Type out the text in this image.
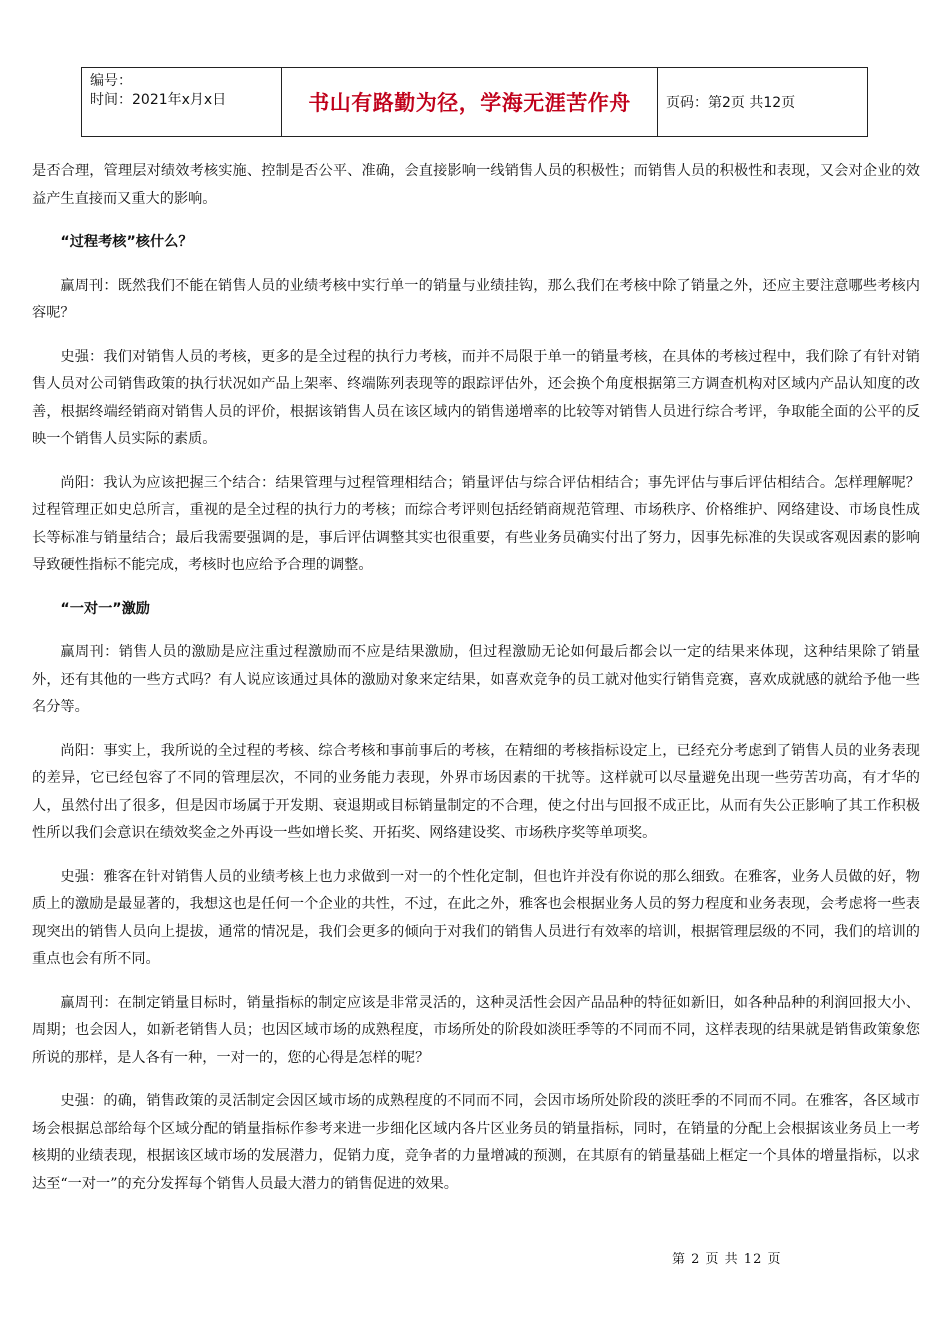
编号：
时间：2021年x月x日	书山有路勤为径，学海无涯苦作舟	页码：第2页 共12页

是否合理，管理层对绩效考核实施、控制是否公平、准确，会直接影响一线销售人员的积极性；而销售人员的积极性和表现，又会对企业的效益产生直接而又重大的影响。

“过程考核”核什么？

赢周刊：既然我们不能在销售人员的业绩考核中实行单一的销量与业绩挂钩，那么我们在考核中除了销量之外，还应主要注意哪些考核内容呢？

史强：我们对销售人员的考核，更多的是全过程的执行力考核，而并不局限于单一的销量考核，在具体的考核过程中，我们除了有针对销售人员对公司销售政策的执行状况如产品上架率、终端陈列表现等的跟踪评估外，还会换个角度根据第三方调查机构对区域内产品认知度的改善，根据终端经销商对销售人员的评价，根据该销售人员在该区域内的销售递增率的比较等对销售人员进行综合考评，争取能全面的公平的反映一个销售人员实际的素质。

尚阳：我认为应该把握三个结合：结果管理与过程管理相结合；销量评估与综合评估相结合；事先评估与事后评估相结合。怎样理解呢？过程管理正如史总所言，重视的是全过程的执行力的考核；而综合考评则包括经销商规范管理、市场秩序、价格维护、网络建设、市场良性成长等标准与销量结合；最后我需要强调的是，事后评估调整其实也很重要，有些业务员确实付出了努力，因事先标准的失误或客观因素的影响导致硬性指标不能完成，考核时也应给予合理的调整。

“一对一”激励

赢周刊：销售人员的激励是应注重过程激励而不应是结果激励，但过程激励无论如何最后都会以一定的结果来体现，这种结果除了销量外，还有其他的一些方式吗？有人说应该通过具体的激励对象来定结果，如喜欢竞争的员工就对他实行销售竞赛，喜欢成就感的就给予他一些名分等。

尚阳：事实上，我所说的全过程的考核、综合考核和事前事后的考核，在精细的考核指标设定上，已经充分考虑到了销售人员的业务表现的差异，它已经包容了不同的管理层次，不同的业务能力表现，外界市场因素的干扰等。这样就可以尽量避免出现一些劳苦功高，有才华的人，虽然付出了很多，但是因市场属于开发期、衰退期或目标销量制定的不合理，使之付出与回报不成正比，从而有失公正影响了其工作积极性所以我们会意识在绩效奖金之外再设一些如增长奖、开拓奖、网络建设奖、市场秩序奖等单项奖。

史强：雅客在针对销售人员的业绩考核上也力求做到一对一的个性化定制，但也许并没有你说的那么细致。在雅客，业务人员做的好，物质上的激励是最显著的，我想这也是任何一个企业的共性，不过，在此之外，雅客也会根据业务人员的努力程度和业务表现，会考虑将一些表现突出的销售人员向上提拔，通常的情况是，我们会更多的倾向于对我们的销售人员进行有效率的培训，根据管理层级的不同，我们的培训的重点也会有所不同。

赢周刊：在制定销量目标时，销量指标的制定应该是非常灵活的，这种灵活性会因产品品种的特征如新旧，如各种品种的利润回报大小、周期；也会因人，如新老销售人员；也因区域市场的成熟程度，市场所处的阶段如淡旺季等的不同而不同，这样表现的结果就是销售政策象您所说的那样，是人各有一种，一对一的，您的心得是怎样的呢？

史强：的确，销售政策的灵活制定会因区域市场的成熟程度的不同而不同，会因市场所处阶段的淡旺季的不同而不同。在雅客，各区域市场会根据总部给每个区域分配的销量指标作参考来进一步细化区域内各片区业务员的销量指标，同时，在销量的分配上会根据该业务员上一考核期的业绩表现，根据该区域市场的发展潜力，促销力度，竞争者的力量增减的预测，在其原有的销量基础上框定一个具体的增量指标，以求达至“一对一”的充分发挥每个销售人员最大潜力的销售促进的效果。

第 2 页 共 12 页
